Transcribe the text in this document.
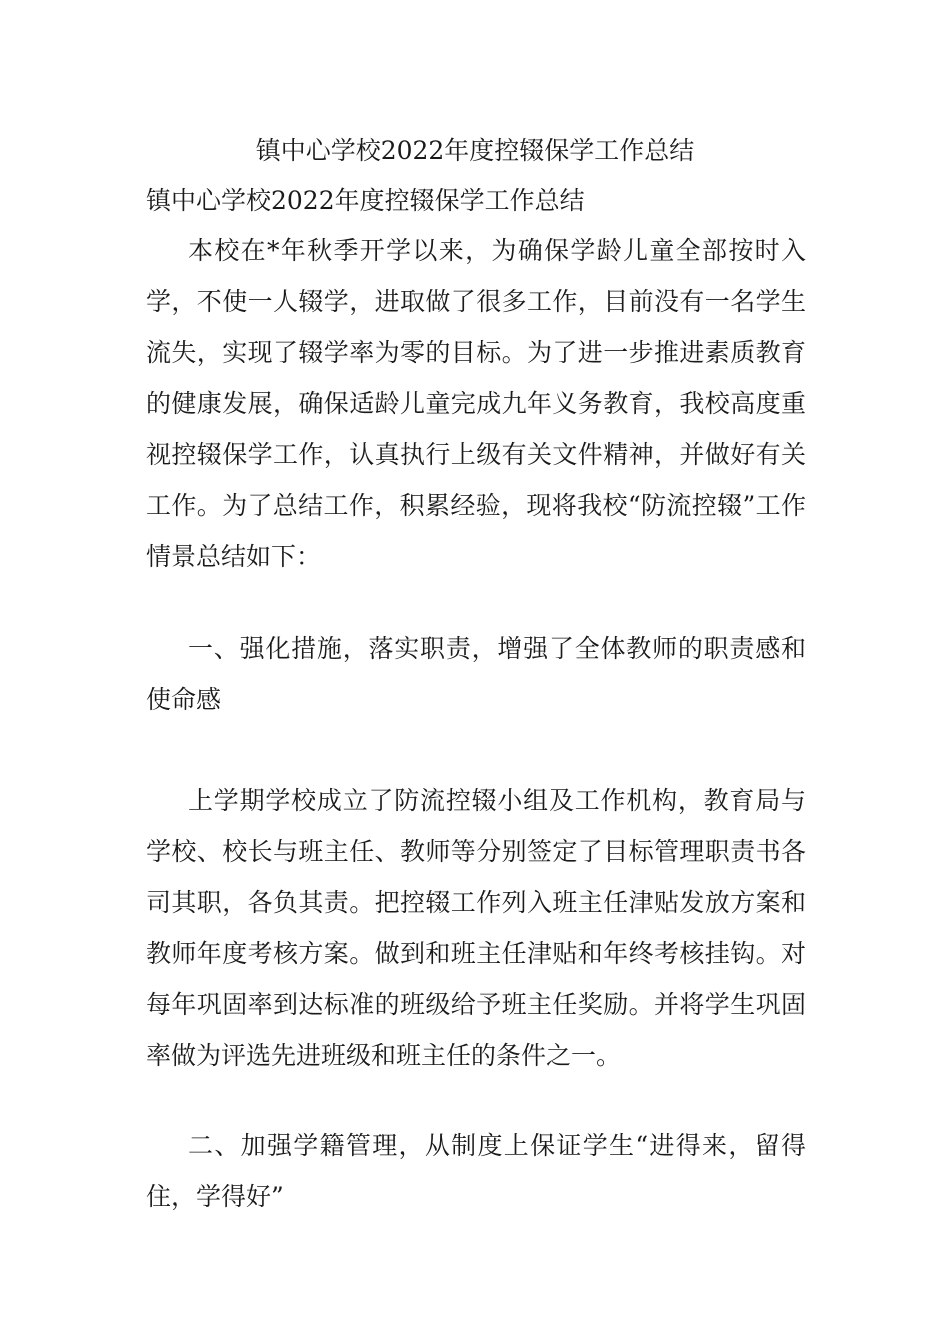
镇中心学校2022年度控辍保学工作总结
镇中心学校2022年度控辍保学工作总结

本校在*年秋季开学以来，为确保学龄儿童全部按时入学，不使一人辍学，进取做了很多工作，目前没有一名学生流失，实现了辍学率为零的目标。为了进一步推进素质教育的健康发展，确保适龄儿童完成九年义务教育，我校高度重视控辍保学工作，认真执行上级有关文件精神，并做好有关工作。为了总结工作，积累经验，现将我校“防流控辍”工作情景总结如下：

一、强化措施，落实职责，增强了全体教师的职责感和使命感

上学期学校成立了防流控辍小组及工作机构，教育局与学校、校长与班主任、教师等分别签定了目标管理职责书各司其职，各负其责。把控辍工作列入班主任津贴发放方案和教师年度考核方案。做到和班主任津贴和年终考核挂钩。对每年巩固率到达标准的班级给予班主任奖励。并将学生巩固率做为评选先进班级和班主任的条件之一。

二、加强学籍管理，从制度上保证学生“进得来，留得住，学得好”
